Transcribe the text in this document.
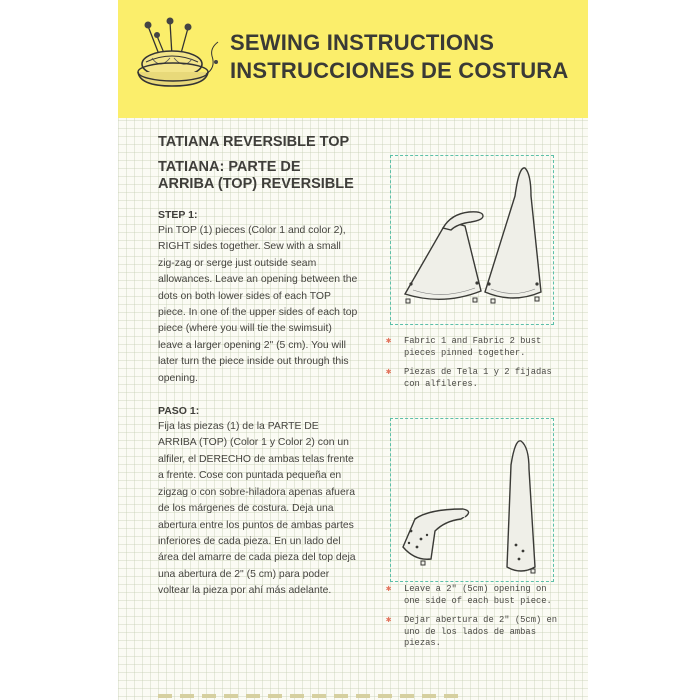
SEWING INSTRUCTIONS
INSTRUCCIONES DE COSTURA
TATIANA REVERSIBLE TOP
TATIANA: PARTE DE ARRIBA (TOP) REVERSIBLE
STEP 1:

Pin TOP (1) pieces (Color 1 and color 2), RIGHT sides together. Sew with a small zig-zag or serge just outside seam allowances. Leave an opening between the dots on both lower sides of each TOP piece. In one of the upper sides of each top piece (where you will tie the swimsuit) leave a larger opening 2" (5 cm). You will later turn the piece inside out through this opening.

PASO 1:

Fija las piezas (1) de la PARTE DE ARRIBA (TOP) (Color 1 y Color 2) con un alfiler, el DERECHO de ambas telas frente a frente. Cose con puntada pequeña en zigzag o con sobre-hiladora apenas afuera de los márgenes de costura. Deja una abertura entre los puntos de ambas partes inferiores de cada pieza. En un lado del área del amarre de cada pieza del top deja una abertura de 2" (5 cm) para poder voltear la pieza por ahí más adelante.

✱ Fabric 1 and Fabric 2 bust pieces pinned together.
✱ Piezas de Tela 1 y 2 fijadas con alfileres.
✱ Leave a 2" (5cm) opening on one side of each bust piece.
✱ Dejar abertura de 2" (5cm) en uno de los lados de ambas piezas.
